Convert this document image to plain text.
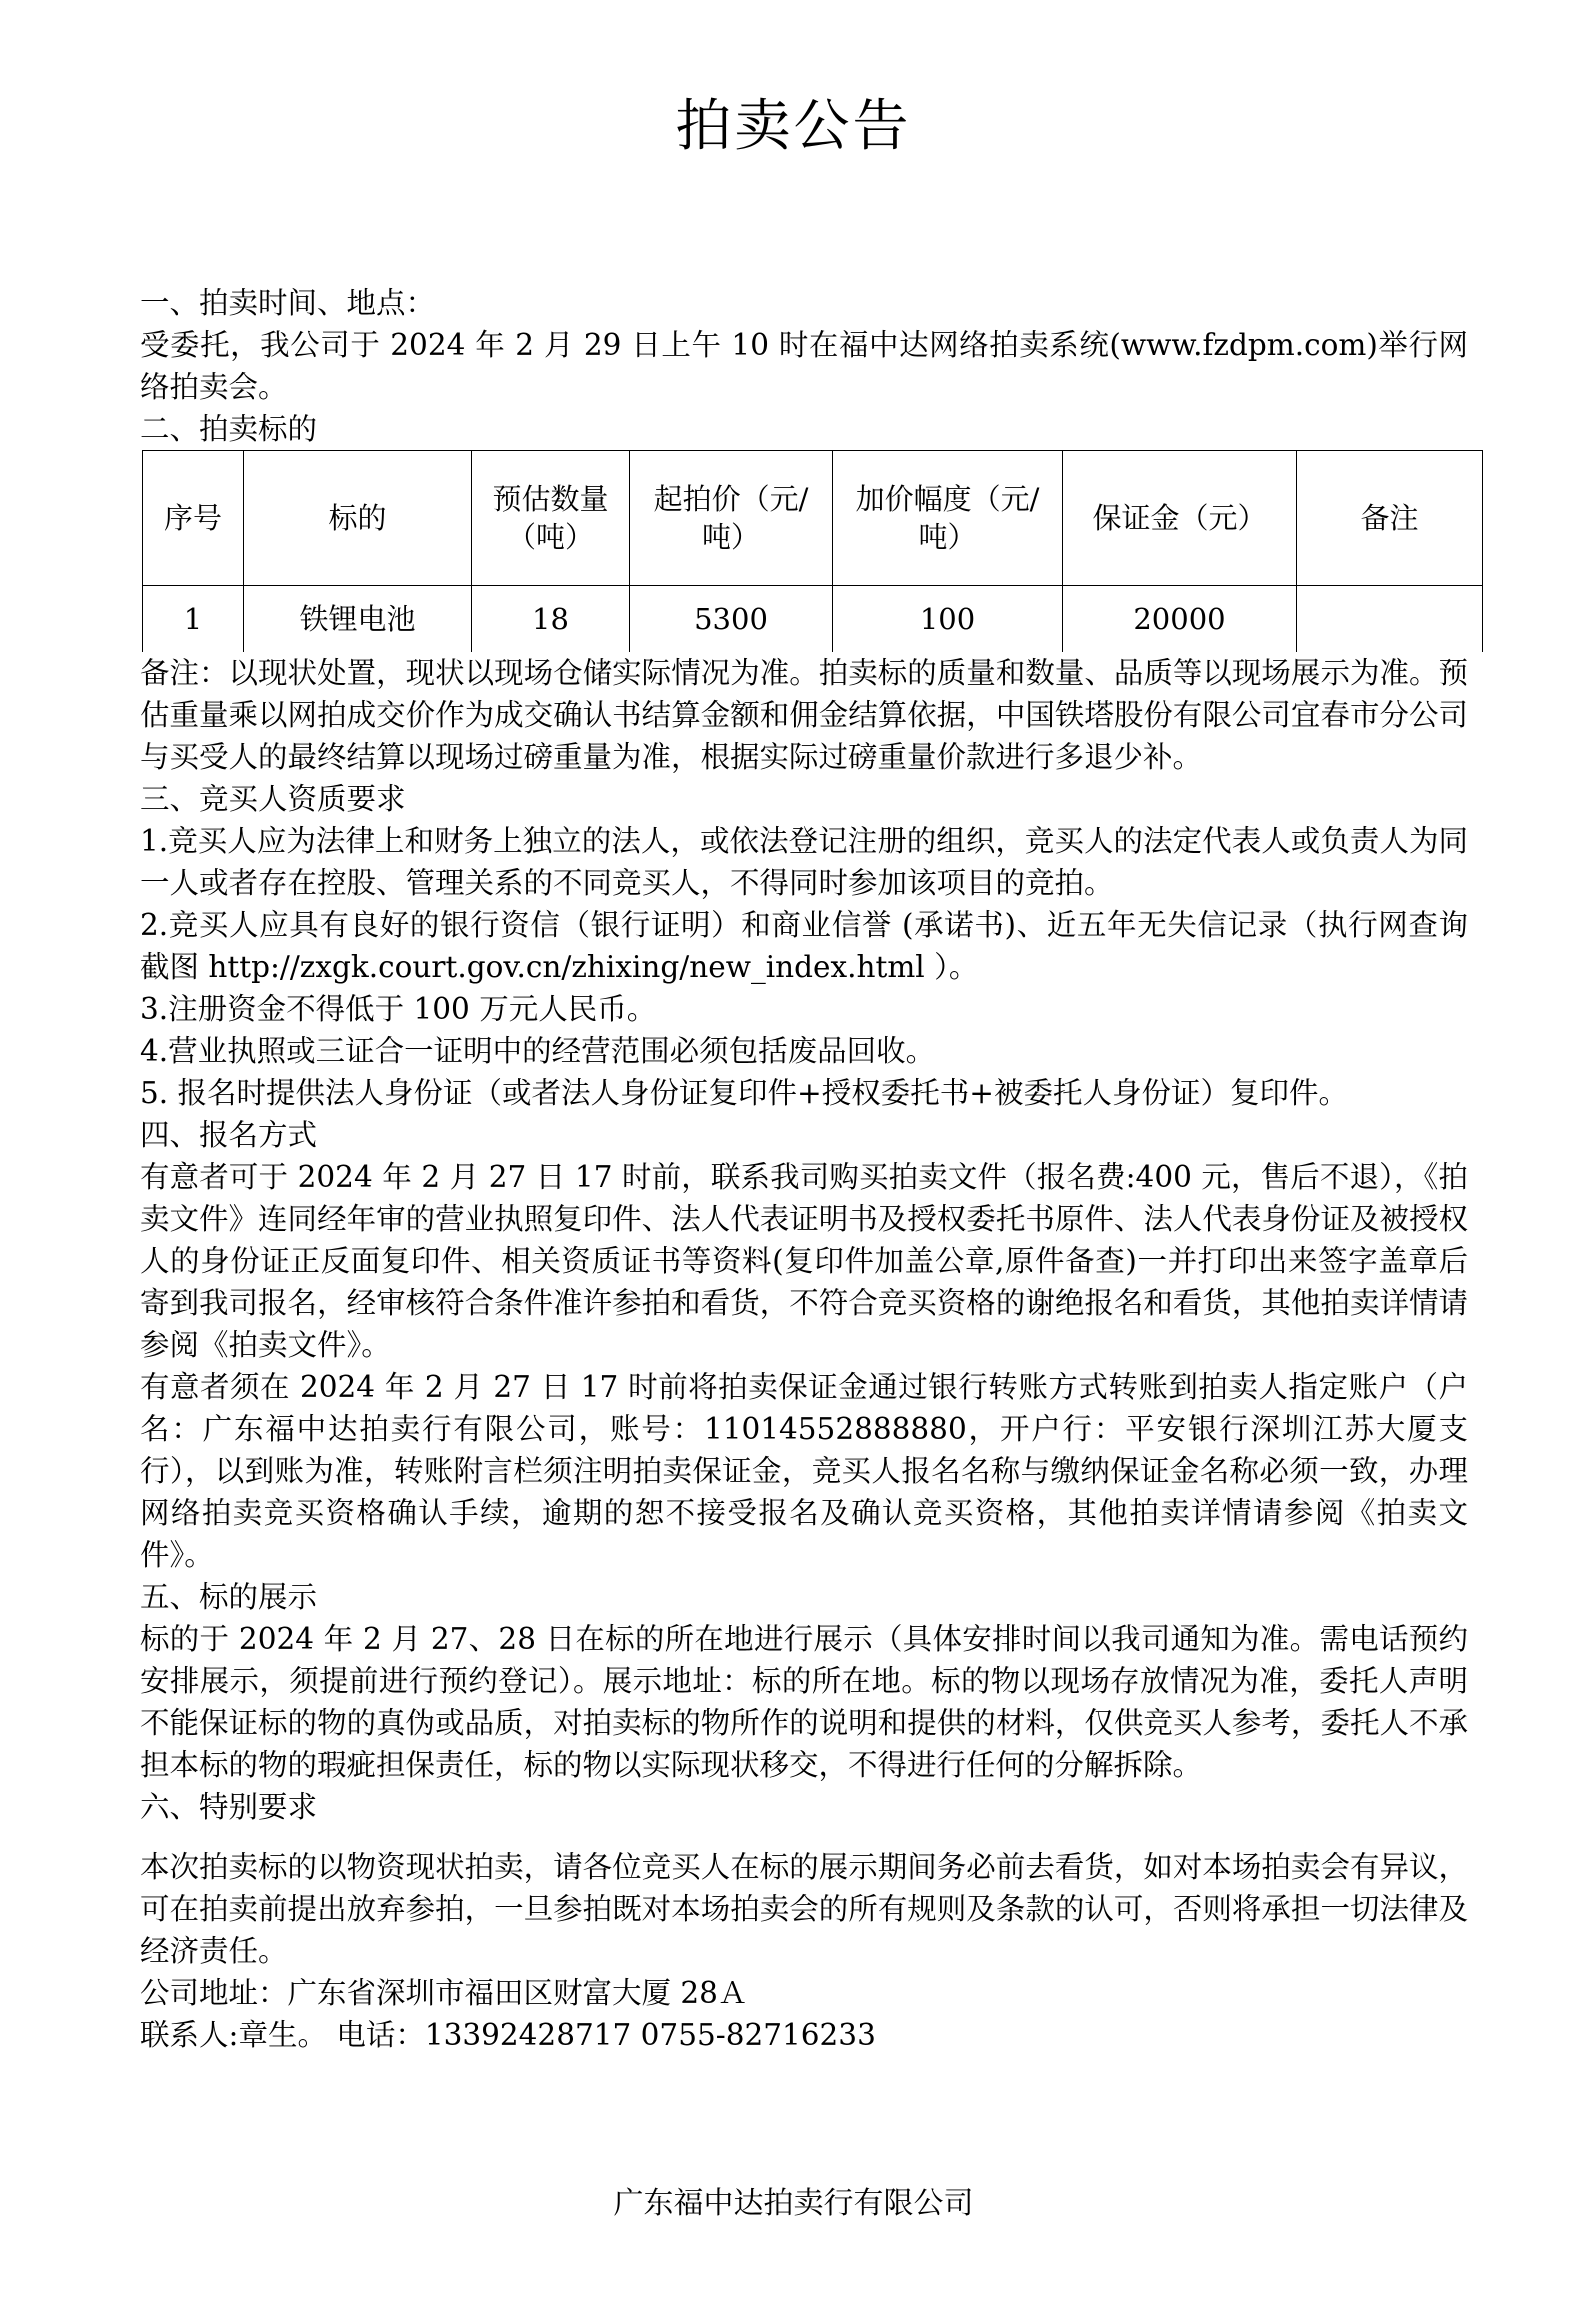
拍卖公告

一、拍卖时间、地点：

受委托，我公司于 2024 年 2 月 29 日上午 10 时在福中达网络拍卖系统(www.fzdpm.com)举行网络拍卖会。

二、拍卖标的

序号	标的	预估数量（吨）	起拍价（元/吨）	加价幅度（元/吨）	保证金（元）	备注
1	铁锂电池	18	5300	100	20000	

备注：以现状处置，现状以现场仓储实际情况为准。拍卖标的质量和数量、品质等以现场展示为准。预估重量乘以网拍成交价作为成交确认书结算金额和佣金结算依据，中国铁塔股份有限公司宜春市分公司与买受人的最终结算以现场过磅重量为准，根据实际过磅重量价款进行多退少补。

三、竞买人资质要求

1.竞买人应为法律上和财务上独立的法人，或依法登记注册的组织，竞买人的法定代表人或负责人为同一人或者存在控股、管理关系的不同竞买人，不得同时参加该项目的竞拍。

2.竞买人应具有良好的银行资信（银行证明）和商业信誉 (承诺书)、近五年无失信记录（执行网查询截图 http://zxgk.court.gov.cn/zhixing/new_index.html ）。

3.注册资金不得低于 100 万元人民币。

4.营业执照或三证合一证明中的经营范围必须包括废品回收。

5. 报名时提供法人身份证（或者法人身份证复印件+授权委托书+被委托人身份证）复印件。

四、报名方式

有意者可于 2024 年 2 月 27 日 17 时前，联系我司购买拍卖文件（报名费:400 元，售后不退），《拍卖文件》连同经年审的营业执照复印件、法人代表证明书及授权委托书原件、法人代表身份证及被授权人的身份证正反面复印件、相关资质证书等资料(复印件加盖公章,原件备查)一并打印出来签字盖章后寄到我司报名，经审核符合条件准许参拍和看货，不符合竞买资格的谢绝报名和看货，其他拍卖详情请参阅《拍卖文件》。

有意者须在 2024 年 2 月 27 日 17 时前将拍卖保证金通过银行转账方式转账到拍卖人指定账户（户名：广东福中达拍卖行有限公司，账号：11014552888880，开户行：平安银行深圳江苏大厦支行），以到账为准，转账附言栏须注明拍卖保证金，竞买人报名名称与缴纳保证金名称必须一致，办理网络拍卖竞买资格确认手续，逾期的恕不接受报名及确认竞买资格，其他拍卖详情请参阅《拍卖文件》。

五、标的展示

标的于 2024 年 2 月 27、28 日在标的所在地进行展示（具体安排时间以我司通知为准。需电话预约安排展示，须提前进行预约登记）。展示地址：标的所在地。标的物以现场存放情况为准，委托人声明不能保证标的物的真伪或品质，对拍卖标的物所作的说明和提供的材料，仅供竞买人参考，委托人不承担本标的物的瑕疵担保责任，标的物以实际现状移交，不得进行任何的分解拆除。

六、特别要求

本次拍卖标的以物资现状拍卖，请各位竞买人在标的展示期间务必前去看货，如对本场拍卖会有异议，可在拍卖前提出放弃参拍，一旦参拍既对本场拍卖会的所有规则及条款的认可，否则将承担一切法律及经济责任。

公司地址：广东省深圳市福田区财富大厦 28Ａ

联系人:章生。 电话：13392428717 0755-82716233

广东福中达拍卖行有限公司
